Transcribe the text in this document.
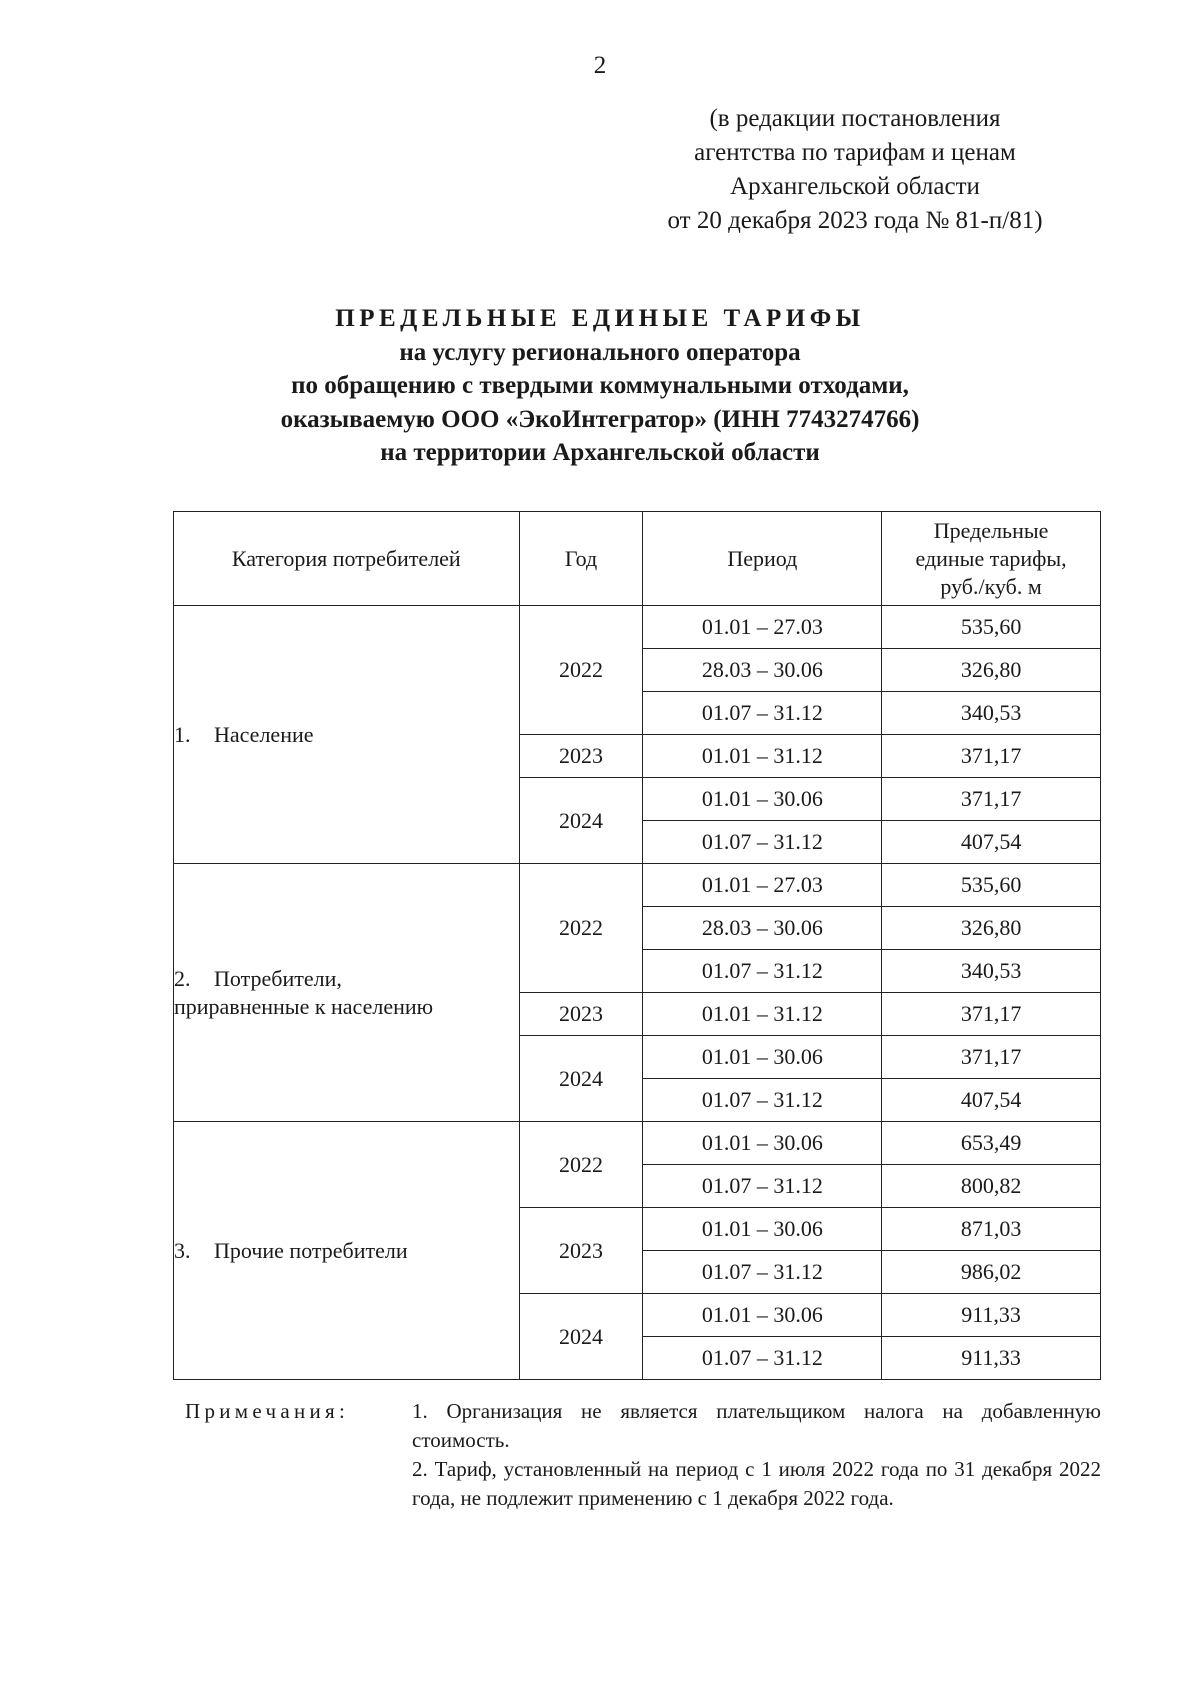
2
(в редакции постановления
агентства по тарифам и ценам
Архангельской области
от 20 декабря 2023 года № 81-п/81)
ПРЕДЕЛЬНЫЕ ЕДИНЫЕ ТАРИФЫ
на услугу регионального оператора
по обращению с твердыми коммунальными отходами,
оказываемую ООО «ЭкоИнтегратор» (ИНН 7743274766)
на территории Архангельской области
Категория потребителей	Год	Период	Предельные
единые тарифы,
руб./куб. м

1. Население	2022	01.01 – 27.03	535,60
		28.03 – 30.06	326,80
		01.07 – 31.12	340,53
	2023	01.01 – 31.12	371,17
	2024	01.01 – 30.06	371,17
		01.07 – 31.12	407,54

2. Потребители,
приравненные к населению	2022	01.01 – 27.03	535,60
		28.03 – 30.06	326,80
		01.07 – 31.12	340,53
	2023	01.01 – 31.12	371,17
	2024	01.01 – 30.06	371,17
		01.07 – 31.12	407,54

3. Прочие потребители	2022	01.01 – 30.06	653,49
		01.07 – 31.12	800,82
	2023	01.01 – 30.06	871,03
		01.07 – 31.12	986,02
	2024	01.01 – 30.06	911,33
		01.07 – 31.12	911,33
Примечания:	1. Организация не является плательщиком налога на добавленную стоимость.
2. Тариф, установленный на период с 1 июля 2022 года по 31 декабря 2022 года, не подлежит применению с 1 декабря 2022 года.
